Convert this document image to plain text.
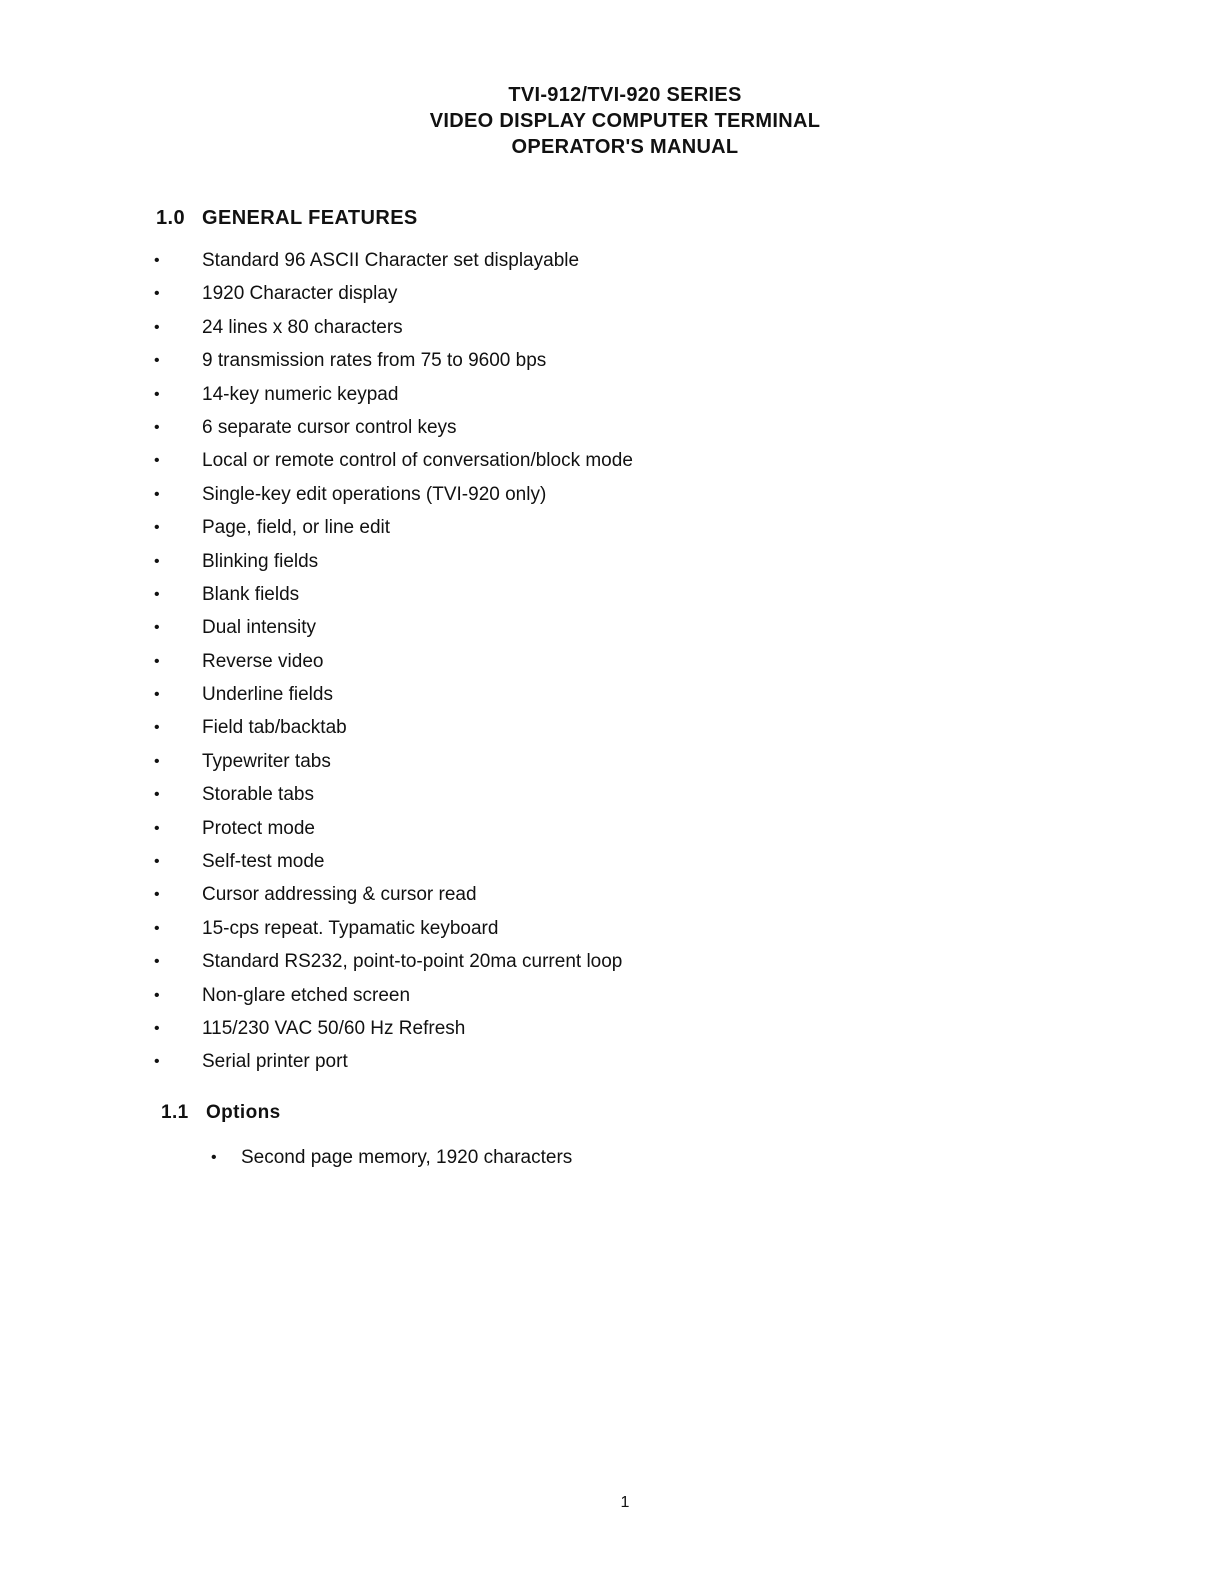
TVI-912/TVI-920 SERIES
VIDEO DISPLAY COMPUTER TERMINAL
OPERATOR'S MANUAL
1.0 GENERAL FEATURES
• Standard 96 ASCII Character set displayable
• 1920 Character display
• 24 lines x 80 characters
• 9 transmission rates from 75 to 9600 bps
• 14-key numeric keypad
• 6 separate cursor control keys
• Local or remote control of conversation/block mode
• Single-key edit operations (TVI-920 only)
• Page, field, or line edit
• Blinking fields
• Blank fields
• Dual intensity
• Reverse video
• Underline fields
• Field tab/backtab
• Typewriter tabs
• Storable tabs
• Protect mode
• Self-test mode
• Cursor addressing & cursor read
• 15-cps repeat. Typamatic keyboard
• Standard RS232, point-to-point 20ma current loop
• Non-glare etched screen
• 115/230 VAC 50/60 Hz Refresh
• Serial printer port
1.1 Options
• Second page memory, 1920 characters
1
